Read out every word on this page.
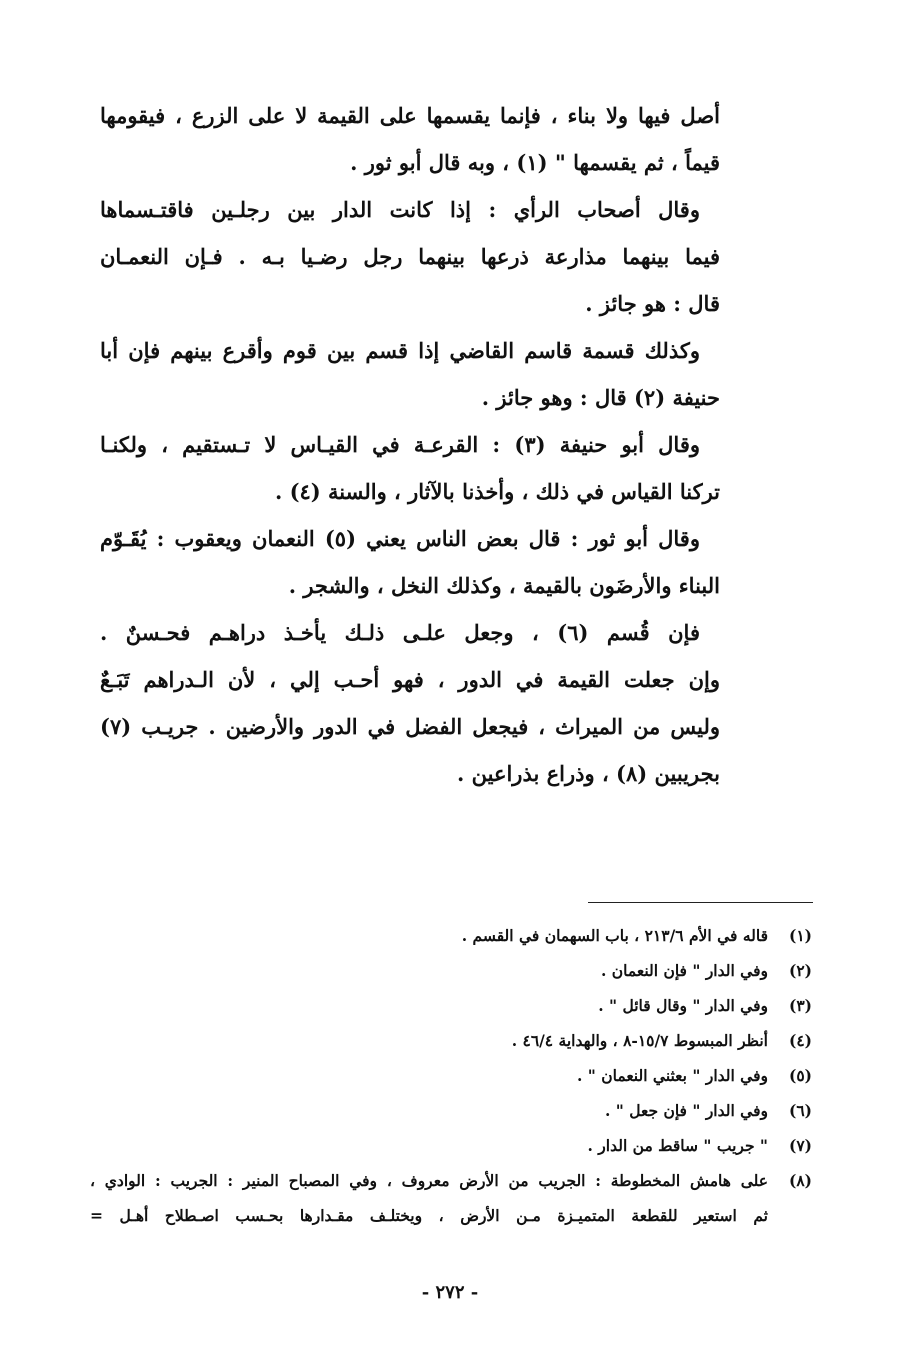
أصل فيها ولا بناء ، فإنما يقسمها على القيمة لا على الزرع ، فيقومها
قيماً ، ثم يقسمها " (١) ، وبه قال أبو ثور .
وقال أصحاب الرأي : إذا كانت الدار بين رجلـين فاقتـسماها
فيما بينهما مذارعة ذرعها بينهما رجل رضـيا بـه . فـإن النعمـان
قال : هو جائز .
وكذلك قسمة قاسم القاضي إذا قسم بين قوم وأقرع بينهم فإن أبا
حنيفة (٢) قال : وهو جائز .
وقال أبو حنيفة (٣) : القرعـة في القيـاس لا تـستقيم ، ولكنـا
تركنا القياس في ذلك ، وأخذنا بالآثار ، والسنة (٤) .
وقال أبو ثور : قال بعض الناس يعني (٥) النعمان ويعقوب : يُقَـوّم
البناء والأرضَون بالقيمة ، وكذلك النخل ، والشجر .
فإن قُسم (٦) ، وجعل علـى ذلـك يأخـذ دراهـم فحـسنٌ .
وإن جعلت القيمة في الدور ، فهو أحـب إلي ، لأن الـدراهم تَبَـعٌ
وليس من الميراث ، فيجعل الفضل في الدور والأرضين . جريـب (٧)
بجريبين (٨) ، وذراع بذراعين .
(١)
قاله في الأم ٢١٣/٦ ، باب السهمان في القسم .
(٢)
وفي الدار " فإن النعمان .
(٣)
وفي الدار " وقال قائل " .
(٤)
أنظر المبسوط ١٥/٧-٨ ، والهداية ٤٦/٤ .
(٥)
وفي الدار " بعثني النعمان " .
(٦)
وفي الدار " فإن جعل " .
(٧)
" جريب " ساقط من الدار .
(٨)
على هامش المخطوطة : الجريب من الأرض معروف ، وفي المصباح المنير : الجريب : الوادي ،
ثم استعير للقطعة المتميـزة مـن الأرض ، ويختلـف مقـدارها بحـسب اصـطلاح أهـل =
- ٢٧٢ -
